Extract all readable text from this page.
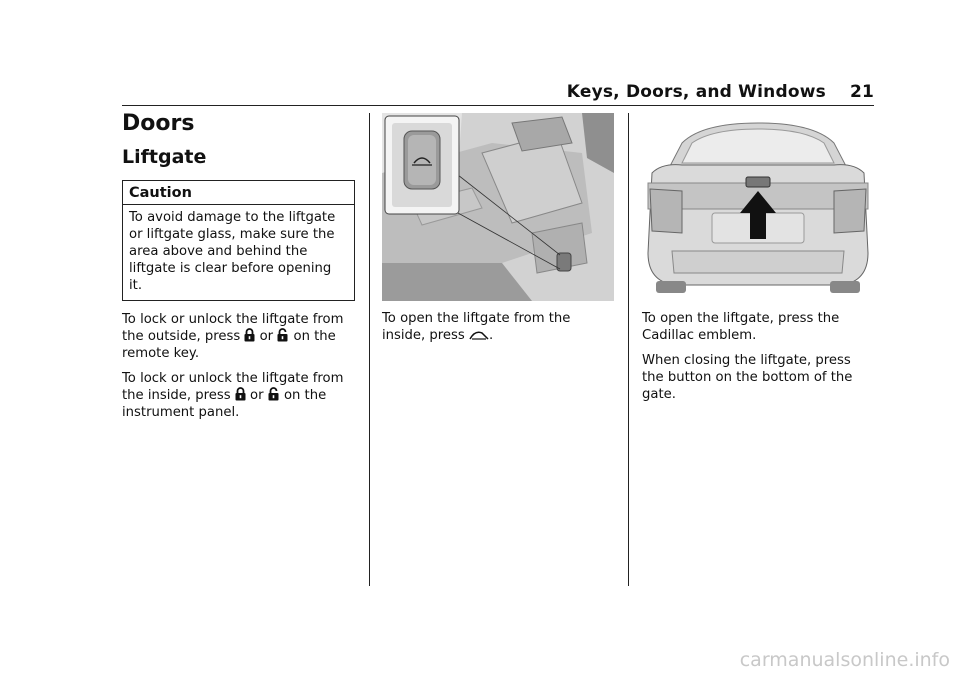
Keys, Doors, and Windows 21
Doors
Liftgate
Caution
To avoid damage to the liftgate or liftgate glass, make sure the area above and behind the liftgate is clear before opening it.

To lock or unlock the liftgate from the outside, press or on the remote key.

To lock or unlock the liftgate from the inside, press or on the instrument panel.

To open the liftgate from the inside, press .

To open the liftgate, press the Cadillac emblem.

When closing the liftgate, press the button on the bottom of the gate.

carmanualsonline.info
